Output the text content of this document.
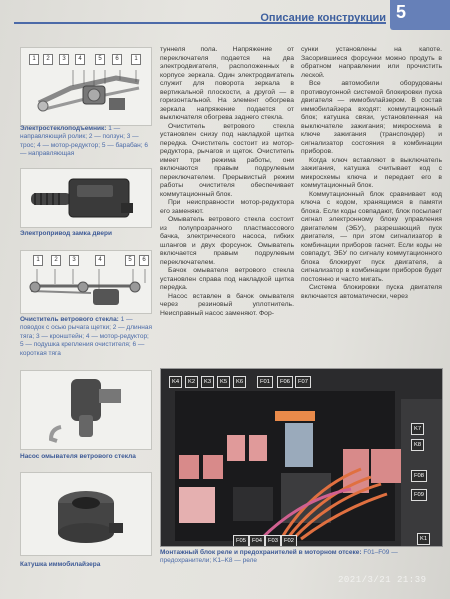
Описание конструкции 5
1	2	3	4	5	6	1
Электростеклоподъемник: 1 — направляющий ролик; 2 — ползун; 3 — трос; 4 — мотор-редуктор; 5 — барабан; 6 — направляющая
Электропривод замка двери
1	2	3	4	5	6
Очиститель ветрового стекла: 1 — поводок с осью рычага щетки; 2 — длинная тяга; 3 — кронштейн; 4 — мотор-редуктор; 5 — подушка крепления очистителя; 6 — короткая тяга
Насос омывателя ветрового стекла
Катушка иммобилайзера

туннеля пола. Напряжение от переключателя подается на два электродвигателя, расположенных в корпусе зеркала. Один электродвигатель служит для поворота зеркала в вертикальной плоскости, а другой — в горизонтальной. На элемент обогрева зеркала напряжение подается от выключателя обогрева заднего стекла.

Очиститель ветрового стекла установлен снизу под накладкой щитка передка. Очиститель состоит из мотор-редуктора, рычагов и щеток. Очиститель имеет три режима работы, они включаются правым подрулевым переключателем. Прерывистый режим работы очистителя обеспечивает коммутационный блок.

При неисправности мотор-редуктора его заменяют.

Омыватель ветрового стекла состоит из полупрозрачного пластмассового бачка, электрического насоса, гибких шлангов и двух форсунок. Омыватель включается правым подрулевым переключателем.

Бачок омывателя ветрового стекла установлен справа под накладкой щитка передка.

Насос вставлен в бачок омывателя через резиновый уплотнитель. Неисправный насос заменяют. Фор-

сунки установлены на капоте. Засорившиеся форсунки можно продуть в обратном направлении или прочистить леской.

Все автомобили оборудованы противоугонной системой блокировки пуска двигателя — иммобилайзером. В состав иммобилайзера входят: коммутационный блок; катушка связи, установленная на выключателе зажигания; микросхема в ключе зажигания (транспондер) и сигнализатор состояния в комбинации приборов.

Когда ключ вставляют в выключатель зажигания, катушка считывает код с микросхемы ключа и передает его в коммутационный блок.

Коммутационный блок сравнивает код ключа с кодом, хранящимся в памяти блока. Если коды совпадают, блок посылает сигнал электронному блоку управления двигателем (ЭБУ), разрешающий пуск двигателя, — при этом сигнализатор в комбинации приборов гаснет. Если коды не совпадут, ЭБУ по сигналу коммутационного блока блокирует пуск двигателя, а сигнализатор в комбинации приборов будет постоянно и часто мигать.

Система блокировки пуска двигателя включается автоматически, через

K4	K2	K3	K5	K6	F01	F06	F07
K7
K8
F08
F09
K1
F05	F04	F03	F02
Монтажный блок реле и предохранителей в моторном отсеке: F01–F09 — предохранители; K1–K8 — реле
2021/3/21 21:39
